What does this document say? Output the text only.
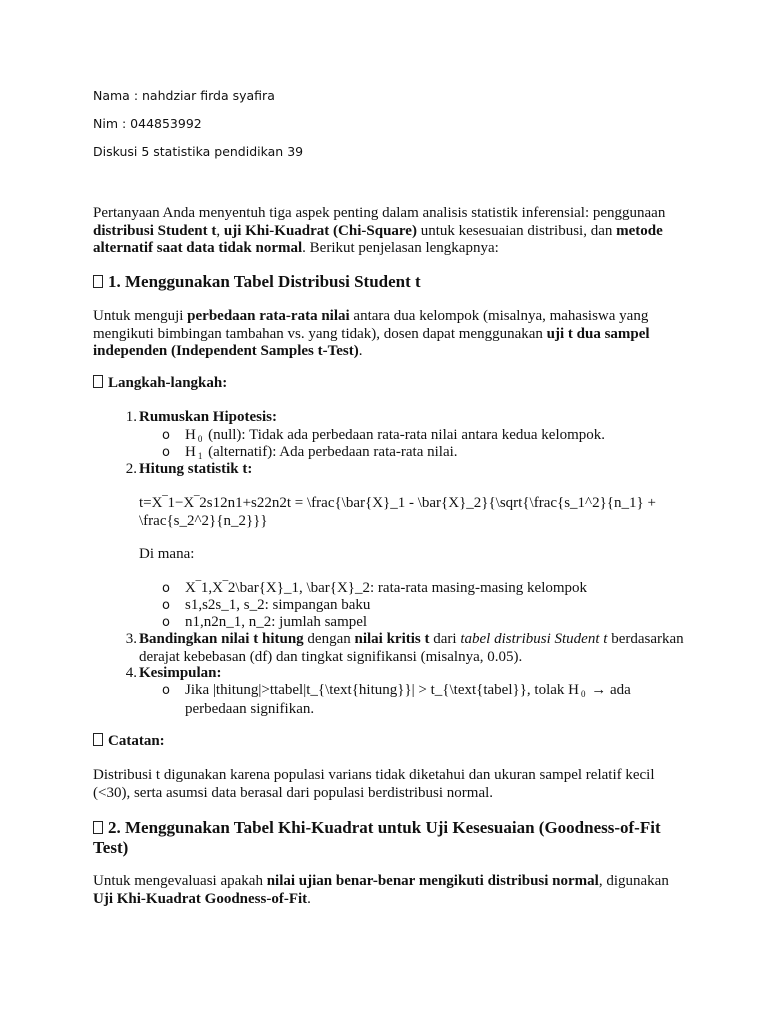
Nama : nahdziar firda syafira
Nim : 044853992
Diskusi 5 statistika pendidikan 39
Pertanyaan Anda menyentuh tiga aspek penting dalam analisis statistik inferensial: penggunaan distribusi Student t, uji Khi-Kuadrat (Chi-Square) untuk kesesuaian distribusi, dan metode alternatif saat data tidak normal. Berikut penjelasan lengkapnya:
1. Menggunakan Tabel Distribusi Student t
Untuk menguji perbedaan rata-rata nilai antara dua kelompok (misalnya, mahasiswa yang mengikuti bimbingan tambahan vs. yang tidak), dosen dapat menggunakan uji t dua sampel independen (Independent Samples t-Test).
Langkah-langkah:
1. Rumuskan Hipotesis:
o H $_0$ (null): Tidak ada perbedaan rata-rata nilai antara kedua kelompok.
o H $_1$ (alternatif): Ada perbedaan rata-rata nilai.
2. Hitung statistik t:
t=X‾1−X‾2s12n1+s22n2t = \frac{\bar{X}_1 - \bar{X}_2}{\sqrt{\frac{s_1^2}{n_1} + \frac{s_2^2}{n_2}}}
Di mana:
o X‾1,X‾2\bar{X}_1, \bar{X}_2: rata-rata masing-masing kelompok
o s1,s2s_1, s_2: simpangan baku
o n1,n2n_1, n_2: jumlah sampel
3. Bandingkan nilai t hitung dengan nilai kritis t dari tabel distribusi Student t berdasarkan derajat kebebasan (df) dan tingkat signifikansi (misalnya, 0.05).
4. Kesimpulan:
o Jika |thitung|>ttabel|t_{\text{hitung}}| > t_{\text{tabel}}, tolak H $_0$ → ada perbedaan signifikan.
Catatan:
Distribusi t digunakan karena populasi varians tidak diketahui dan ukuran sampel relatif kecil (<30), serta asumsi data berasal dari populasi berdistribusi normal.
2. Menggunakan Tabel Khi-Kuadrat untuk Uji Kesesuaian (Goodness-of-Fit Test)
Untuk mengevaluasi apakah nilai ujian benar-benar mengikuti distribusi normal, digunakan Uji Khi-Kuadrat Goodness-of-Fit.
